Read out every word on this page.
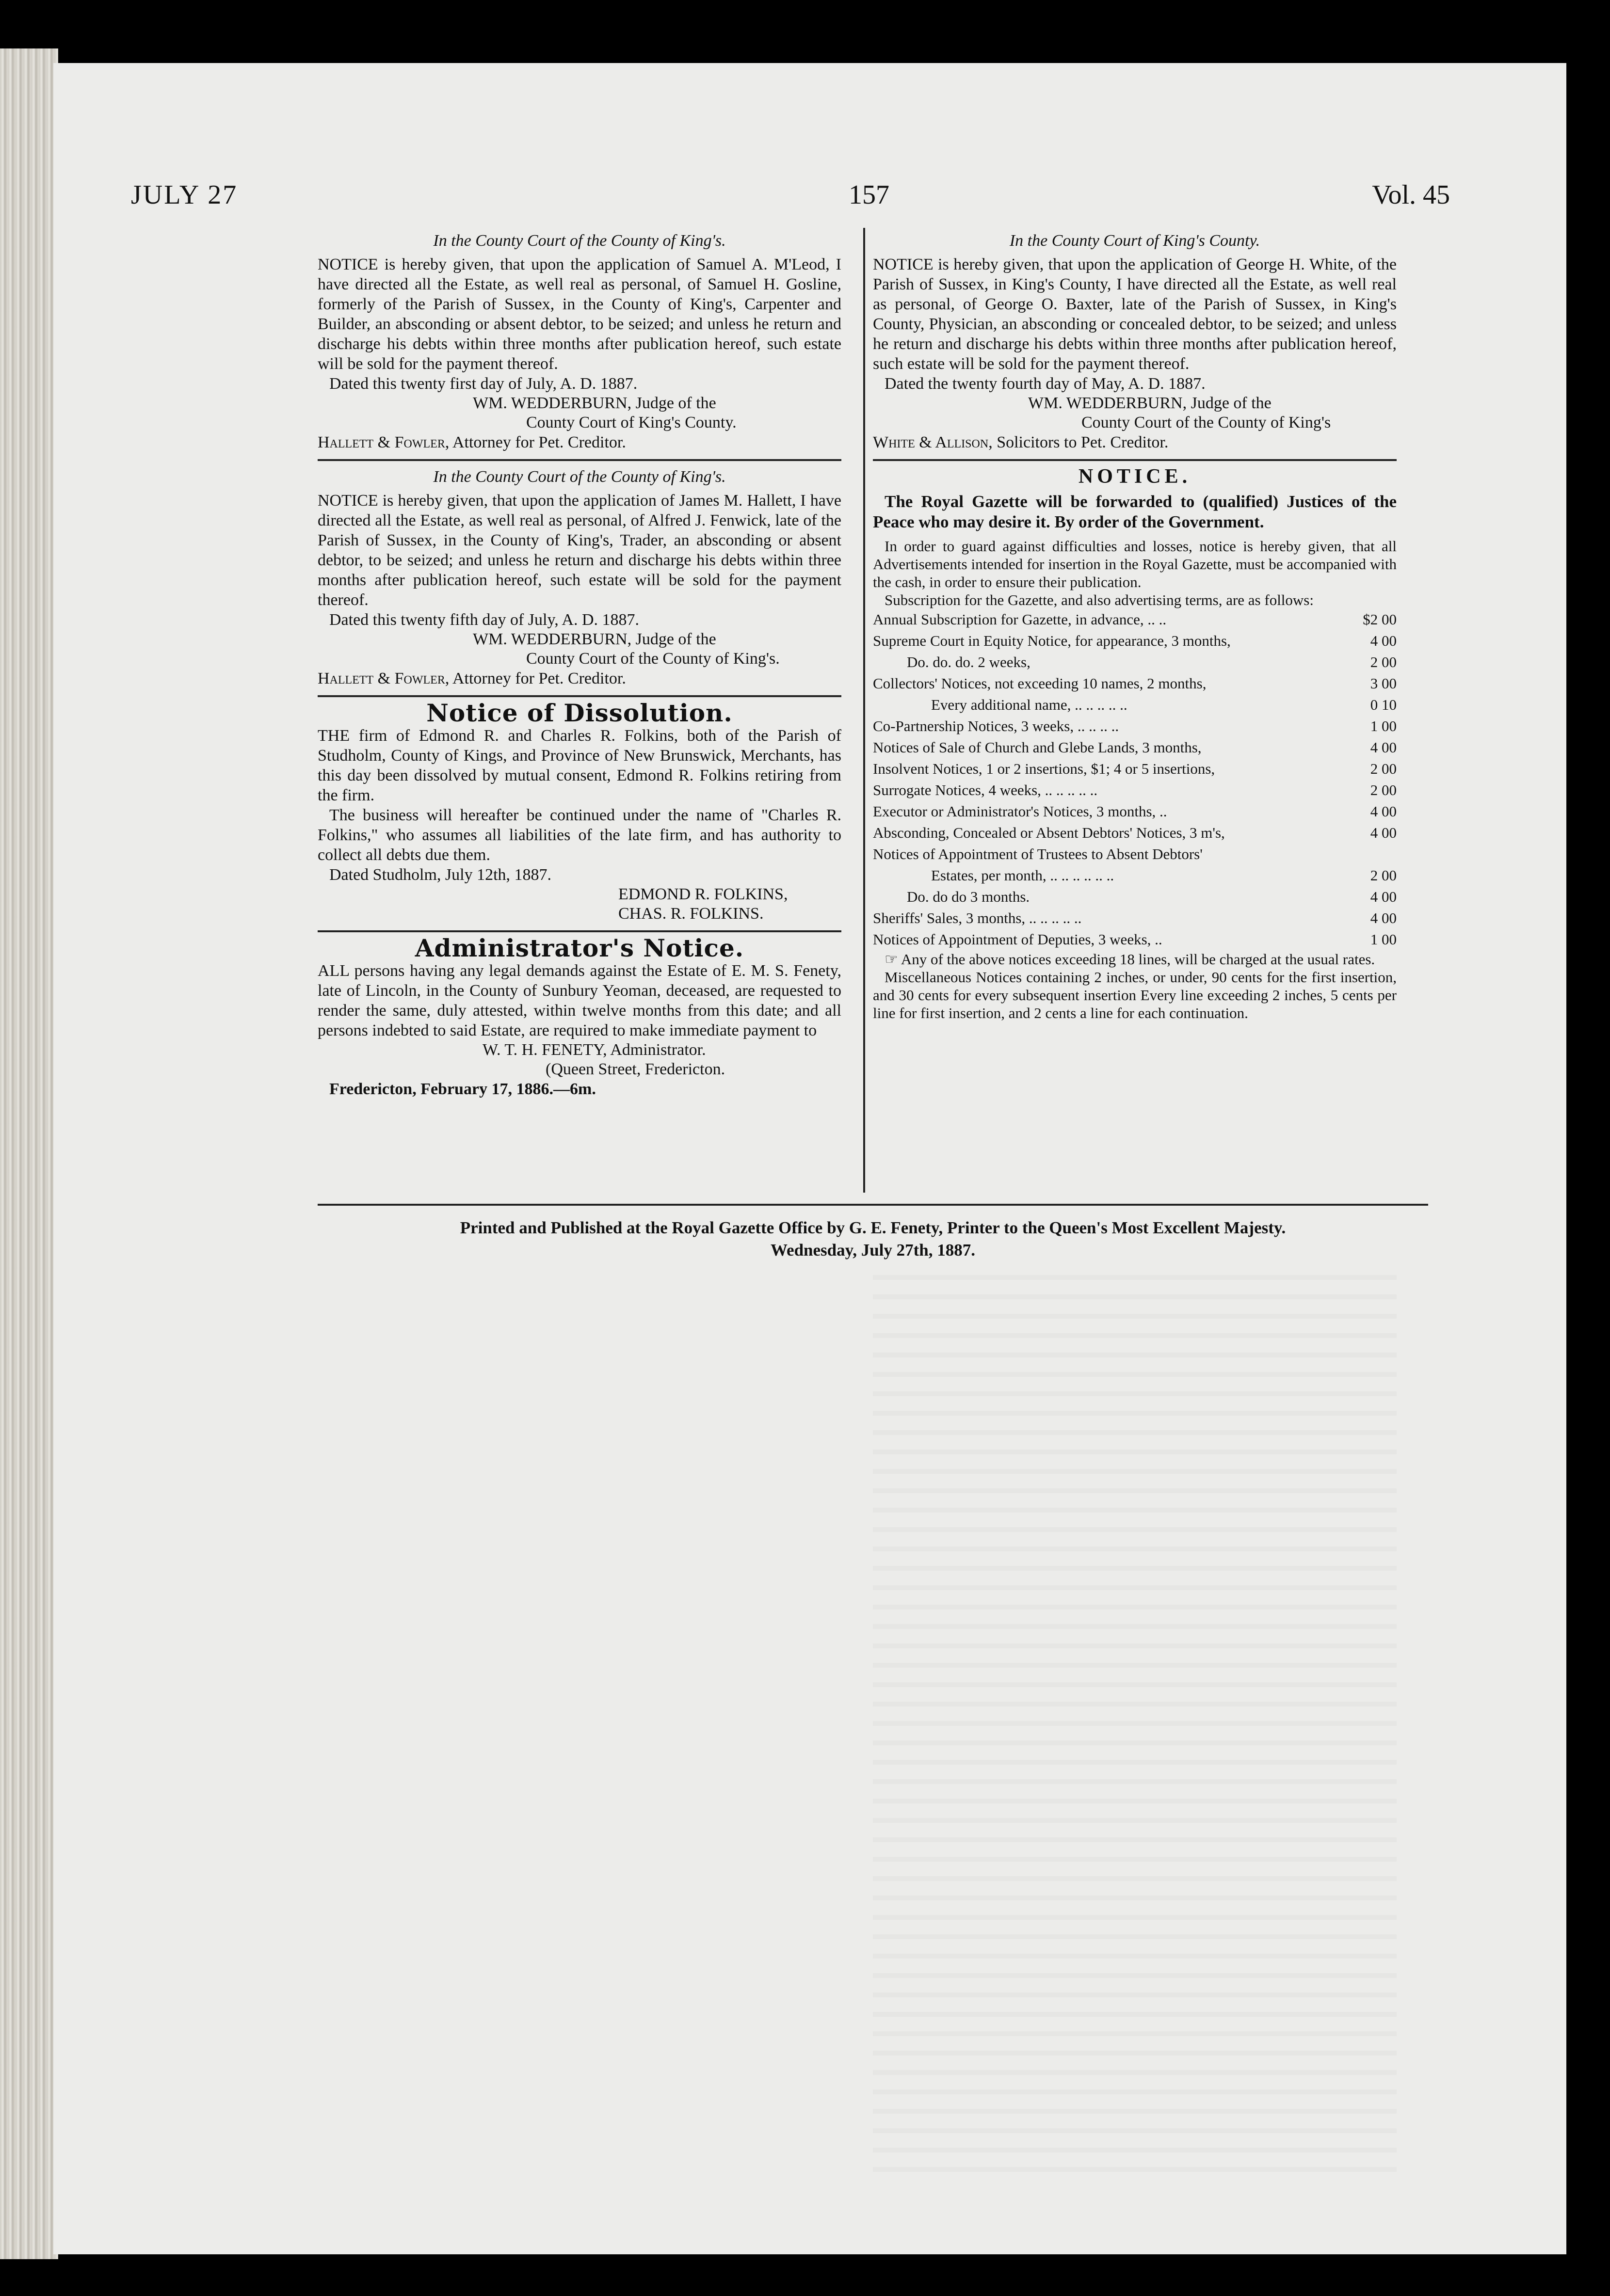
JULY 27	157	Vol. 45
In the County Court of the County of King's.

NOTICE is hereby given, that upon the application of Samuel A. M'Leod, I have directed all the Estate, as well real as personal, of Samuel H. Gosline, formerly of the Parish of Sussex, in the County of King's, Carpenter and Builder, an absconding or absent debtor, to be seized; and unless he return and discharge his debts within three months after publication hereof, such estate will be sold for the payment thereof.

Dated this twenty first day of July, A. D. 1887.

WM. WEDDERBURN, Judge of the

County Court of King's County.

Hallett & Fowler, Attorney for Pet. Creditor.

In the County Court of the County of King's.

NOTICE is hereby given, that upon the application of James M. Hallett, I have directed all the Estate, as well real as personal, of Alfred J. Fenwick, late of the Parish of Sussex, in the County of King's, Trader, an absconding or absent debtor, to be seized; and unless he return and discharge his debts within three months after publication hereof, such estate will be sold for the payment thereof.

Dated this twenty fifth day of July, A. D. 1887.

WM. WEDDERBURN, Judge of the

County Court of the County of King's.

Hallett & Fowler, Attorney for Pet. Creditor.

Notice of Dissolution.

THE firm of Edmond R. and Charles R. Folkins, both of the Parish of Studholm, County of Kings, and Province of New Brunswick, Merchants, has this day been dissolved by mutual consent, Edmond R. Folkins retiring from the firm.

The business will hereafter be continued under the name of "Charles R. Folkins," who assumes all liabilities of the late firm, and has authority to collect all debts due them.

Dated Studholm, July 12th, 1887.

EDMOND R. FOLKINS,

CHAS. R. FOLKINS.

Administrator's Notice.

ALL persons having any legal demands against the Estate of E. M. S. Fenety, late of Lincoln, in the County of Sunbury Yeoman, deceased, are requested to render the same, duly attested, within twelve months from this date; and all persons indebted to said Estate, are required to make immediate payment to

W. T. H. FENETY, Administrator.

(Queen Street, Fredericton.

Fredericton, February 17, 1886.—6m.

In the County Court of King's County.

NOTICE is hereby given, that upon the application of George H. White, of the Parish of Sussex, in King's County, I have directed all the Estate, as well real as personal, of George O. Baxter, late of the Parish of Sussex, in King's County, Physician, an absconding or concealed debtor, to be seized; and unless he return and discharge his debts within three months after publication hereof, such estate will be sold for the payment thereof.

Dated the twenty fourth day of May, A. D. 1887.

WM. WEDDERBURN, Judge of the

County Court of the County of King's

White & Allison, Solicitors to Pet. Creditor.

NOTICE.

The Royal Gazette will be forwarded to (qualified) Justices of the Peace who may desire it. By order of the Government.

In order to guard against difficulties and losses, notice is hereby given, that all Advertisements intended for insertion in the Royal Gazette, must be accompanied with the cash, in order to ensure their publication.

Subscription for the Gazette, and also advertising terms, are as follows:

Annual Subscription for Gazette, in advance, .. ..	$2 00
Supreme Court in Equity Notice, for appearance, 3 months,	4 00
Do. do. do. 2 weeks,	2 00
Collectors' Notices, not exceeding 10 names, 2 months,	3 00
Every additional name, .. .. .. .. ..	0 10
Co-Partnership Notices, 3 weeks, .. .. .. ..	1 00
Notices of Sale of Church and Glebe Lands, 3 months,	4 00
Insolvent Notices, 1 or 2 insertions, $1; 4 or 5 insertions,	2 00
Surrogate Notices, 4 weeks, .. .. .. .. ..	2 00
Executor or Administrator's Notices, 3 months, ..	4 00
Absconding, Concealed or Absent Debtors' Notices, 3 m's,	4 00
Notices of Appointment of Trustees to Absent Debtors'	
Estates, per month, .. .. .. .. .. ..	2 00
Do. do do 3 months.	4 00
Sheriffs' Sales, 3 months, .. .. .. .. ..	4 00
Notices of Appointment of Deputies, 3 weeks, ..	1 00

☞ Any of the above notices exceeding 18 lines, will be charged at the usual rates.

Miscellaneous Notices containing 2 inches, or under, 90 cents for the first insertion, and 30 cents for every subsequent insertion Every line exceeding 2 inches, 5 cents per line for first insertion, and 2 cents a line for each continuation.

Printed and Published at the Royal Gazette Office by G. E. Fenety, Printer to the Queen's Most Excellent Majesty.
Wednesday, July 27th, 1887.
